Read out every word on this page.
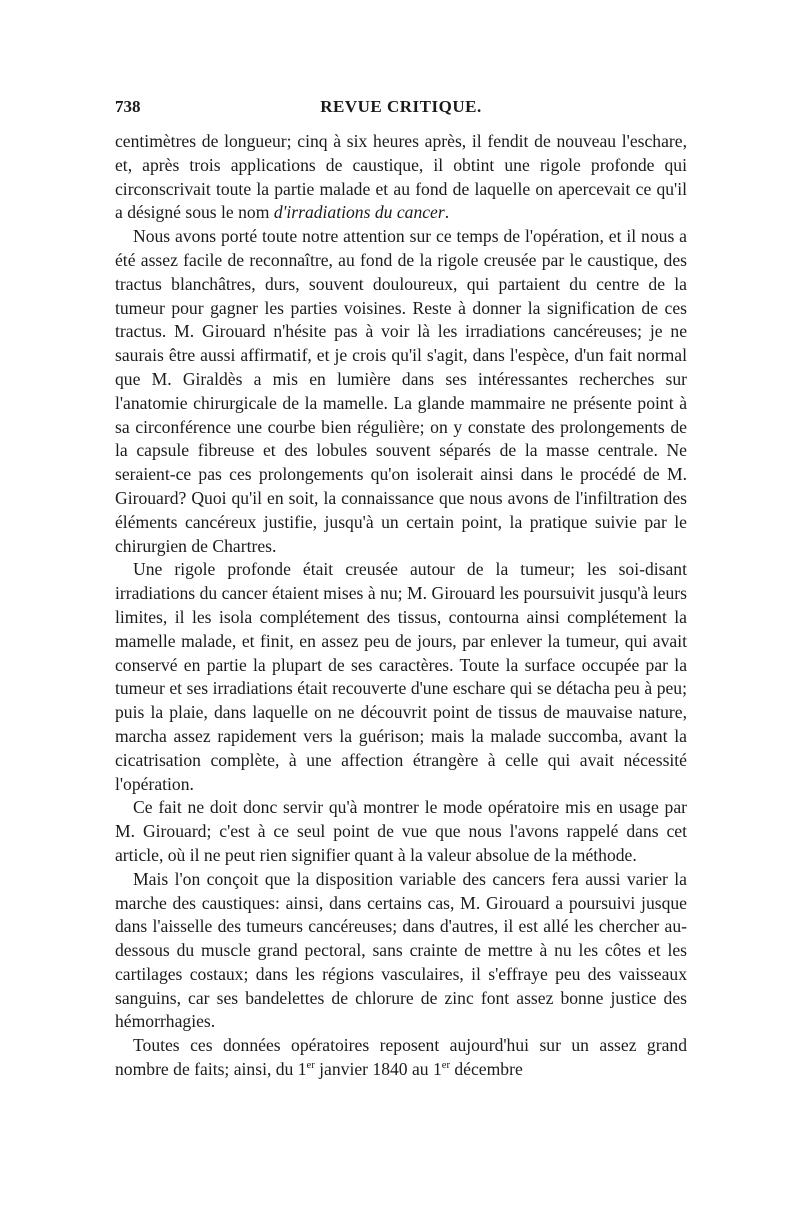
738	REVUE CRITIQUE.

centimètres de longueur; cinq à six heures après, il fendit de nouveau l'eschare, et, après trois applications de caustique, il obtint une rigole profonde qui circonscrivait toute la partie malade et au fond de laquelle on apercevait ce qu'il a désigné sous le nom d'irradiations du cancer.

Nous avons porté toute notre attention sur ce temps de l'opération, et il nous a été assez facile de reconnaître, au fond de la rigole creusée par le caustique, des tractus blanchâtres, durs, souvent douloureux, qui partaient du centre de la tumeur pour gagner les parties voisines. Reste à donner la signification de ces tractus. M. Girouard n'hésite pas à voir là les irradiations cancéreuses; je ne saurais être aussi affirmatif, et je crois qu'il s'agit, dans l'espèce, d'un fait normal que M. Giraldès a mis en lumière dans ses intéressantes recherches sur l'anatomie chirurgicale de la mamelle. La glande mammaire ne présente point à sa circonférence une courbe bien régulière; on y constate des prolongements de la capsule fibreuse et des lobules souvent séparés de la masse centrale. Ne seraient-ce pas ces prolongements qu'on isolerait ainsi dans le procédé de M. Girouard? Quoi qu'il en soit, la connaissance que nous avons de l'infiltration des éléments cancéreux justifie, jusqu'à un certain point, la pratique suivie par le chirurgien de Chartres.

Une rigole profonde était creusée autour de la tumeur; les soi-disant irradiations du cancer étaient mises à nu; M. Girouard les poursuivit jusqu'à leurs limites, il les isola complétement des tissus, contourna ainsi complétement la mamelle malade, et finit, en assez peu de jours, par enlever la tumeur, qui avait conservé en partie la plupart de ses caractères. Toute la surface occupée par la tumeur et ses irradiations était recouverte d'une eschare qui se détacha peu à peu; puis la plaie, dans laquelle on ne découvrit point de tissus de mauvaise nature, marcha assez rapidement vers la guérison; mais la malade succomba, avant la cicatrisation complète, à une affection étrangère à celle qui avait nécessité l'opération.

Ce fait ne doit donc servir qu'à montrer le mode opératoire mis en usage par M. Girouard; c'est à ce seul point de vue que nous l'avons rappelé dans cet article, où il ne peut rien signifier quant à la valeur absolue de la méthode.

Mais l'on conçoit que la disposition variable des cancers fera aussi varier la marche des caustiques: ainsi, dans certains cas, M. Girouard a poursuivi jusque dans l'aisselle des tumeurs cancéreuses; dans d'autres, il est allé les chercher au-dessous du muscle grand pectoral, sans crainte de mettre à nu les côtes et les cartilages costaux; dans les régions vasculaires, il s'effraye peu des vaisseaux sanguins, car ses bandelettes de chlorure de zinc font assez bonne justice des hémorrhagies.

Toutes ces données opératoires reposent aujourd'hui sur un assez grand nombre de faits; ainsi, du 1er janvier 1840 au 1er décembre
